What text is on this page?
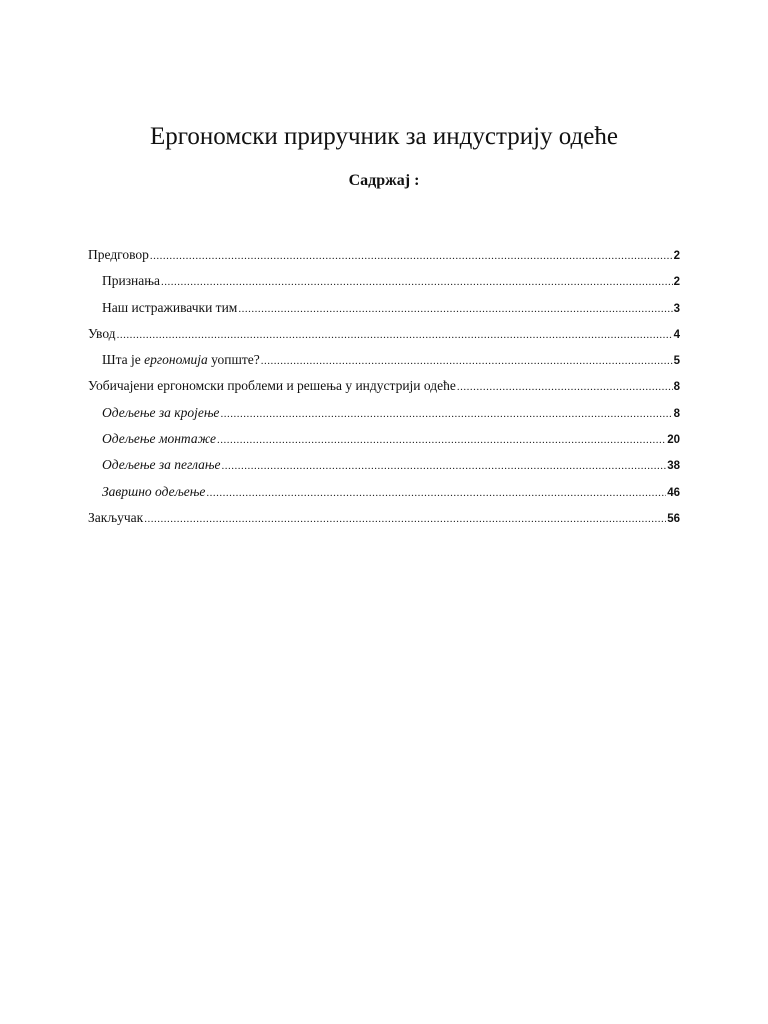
Ергономски приручник за индустрију одеће
Садржај :
Предговор .....	2
Признања .....	2
Наш истраживачки тим .....	3
Увод .....	4
Шта је ергономија уопште? .....	5
Уобичајени ергономски проблеми и решења у индустрији одеће .....	8
Одељење за кројење .....	8
Одељење монтаже .....	20
Одељење за пеглање .....	38
Завршно одељење .....	46
Закључак .....	56
